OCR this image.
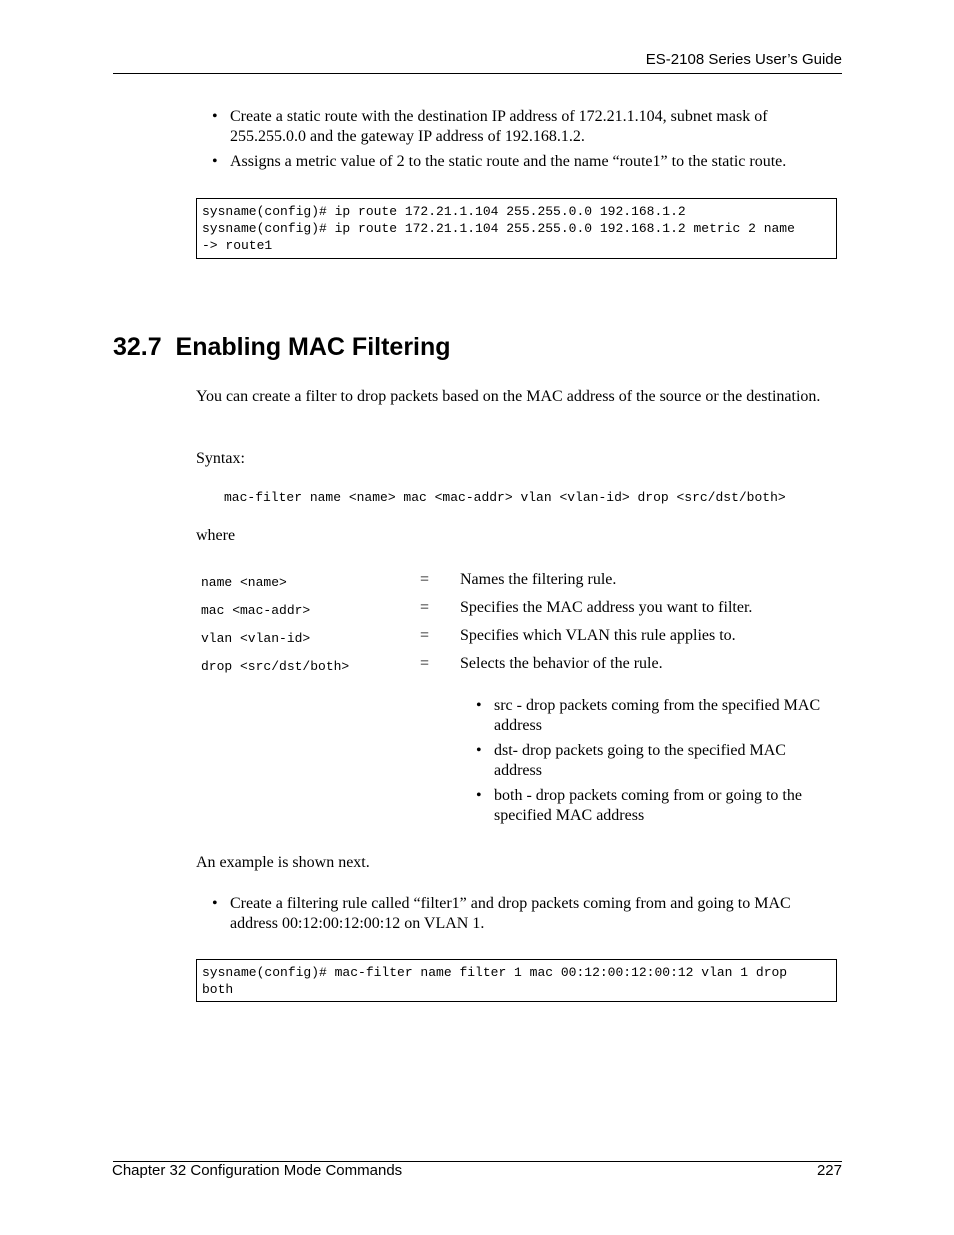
ES-2108 Series User’s Guide
• Create a static route with the destination IP address of 172.21.1.104, subnet mask of 255.255.0.0 and the gateway IP address of 192.168.1.2.
• Assigns a metric value of 2 to the static route and the name “route1” to the static route.
sysname(config)# ip route 172.21.1.104 255.255.0.0 192.168.1.2
sysname(config)# ip route 172.21.1.104 255.255.0.0 192.168.1.2 metric 2 name
-> route1
32.7  Enabling MAC Filtering
You can create a filter to drop packets based on the MAC address of the source or the destination.
Syntax:
mac-filter name <name> mac <mac-addr> vlan <vlan-id> drop <src/dst/both>
where
name <name>	= Names the filtering rule.
mac <mac-addr>	= Specifies the MAC address you want to filter.
vlan <vlan-id>	= Specifies which VLAN this rule applies to.
drop <src/dst/both>	= Selects the behavior of the rule.
• src - drop packets coming from the specified MAC address
• dst- drop packets going to the specified MAC address
• both - drop packets coming from or going to the specified MAC address
An example is shown next.
• Create a filtering rule called “filter1” and drop packets coming from and going to MAC address 00:12:00:12:00:12 on VLAN 1.
sysname(config)# mac-filter name filter 1 mac 00:12:00:12:00:12 vlan 1 drop
both
Chapter 32 Configuration Mode Commands	227
